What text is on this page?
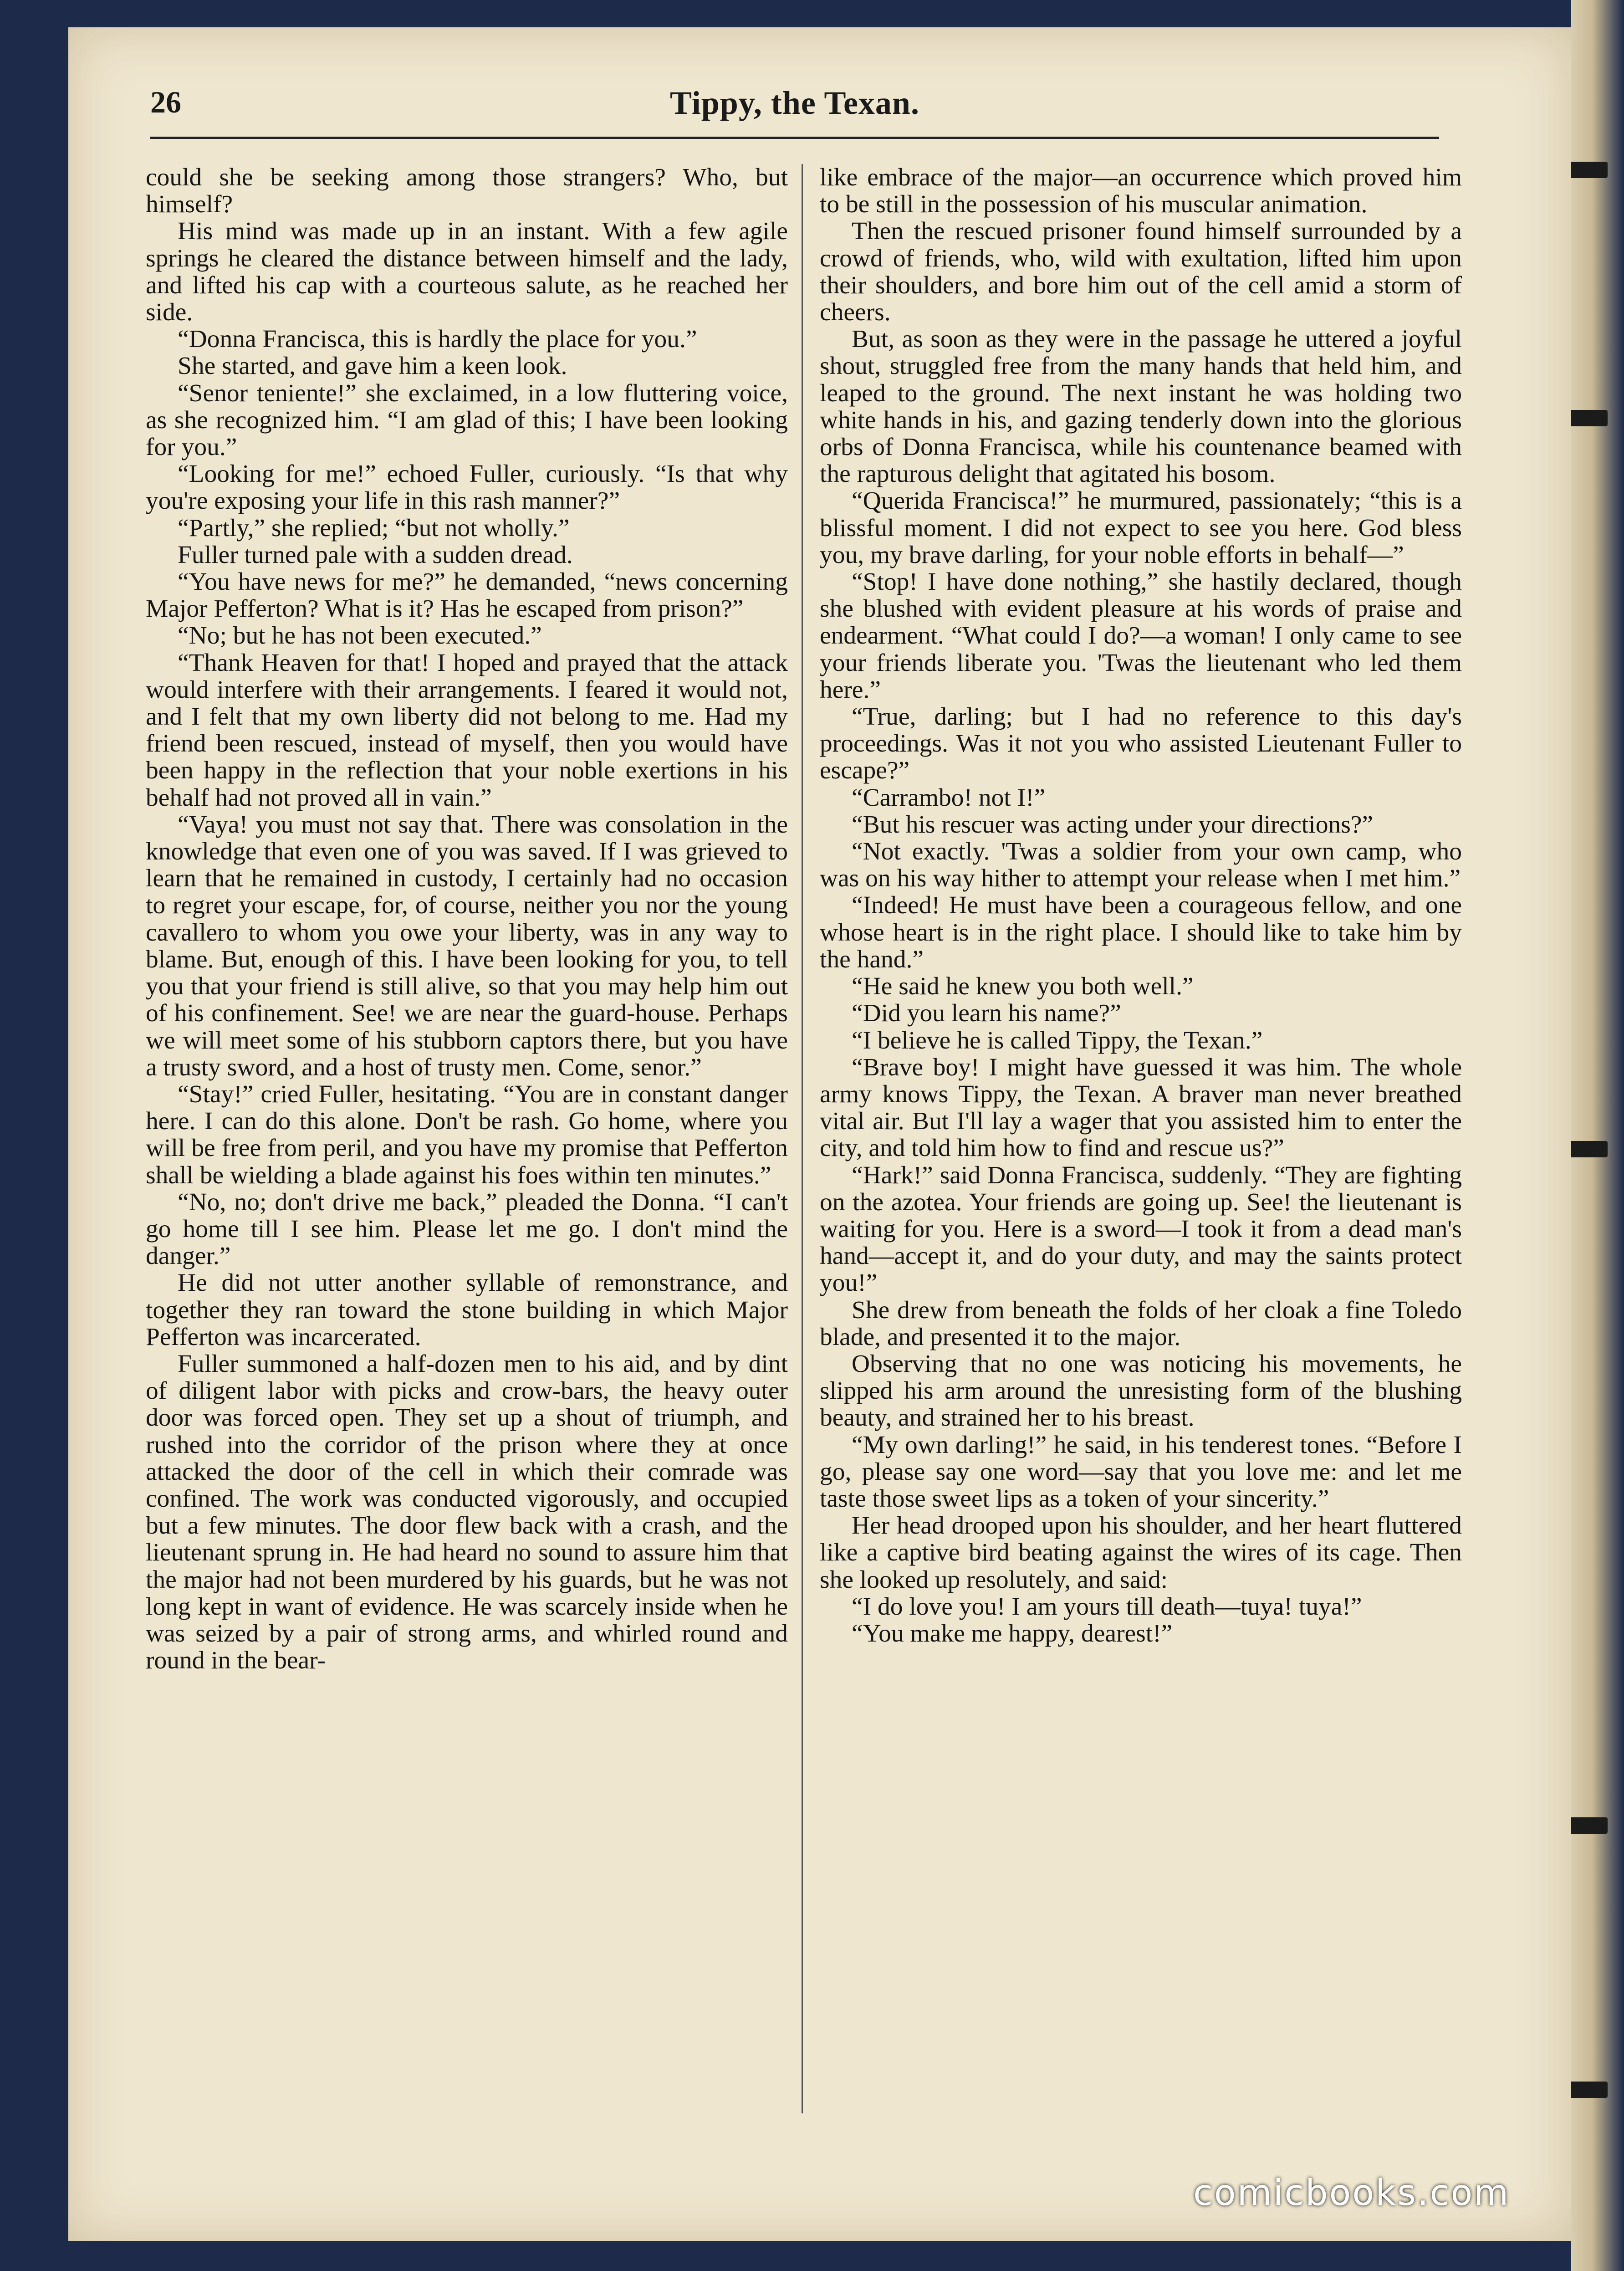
26	Tippy, the Texan.

could she be seeking among those strangers? Who, but himself?

His mind was made up in an instant. With a few agile springs he cleared the distance between himself and the lady, and lifted his cap with a courteous salute, as he reached her side.

“Donna Francisca, this is hardly the place for you.”

She started, and gave him a keen look.

“Senor teniente!” she exclaimed, in a low fluttering voice, as she recognized him. “I am glad of this; I have been looking for you.”

“Looking for me!” echoed Fuller, curiously. “Is that why you're exposing your life in this rash manner?”

“Partly,” she replied; “but not wholly.”

Fuller turned pale with a sudden dread.

“You have news for me?” he demanded, “news concerning Major Pefferton? What is it? Has he escaped from prison?”

“No; but he has not been executed.”

“Thank Heaven for that! I hoped and prayed that the attack would interfere with their arrangements. I feared it would not, and I felt that my own liberty did not belong to me. Had my friend been rescued, instead of myself, then you would have been happy in the reflection that your noble exertions in his behalf had not proved all in vain.”

“Vaya! you must not say that. There was consolation in the knowledge that even one of you was saved. If I was grieved to learn that he remained in custody, I certainly had no occasion to regret your escape, for, of course, neither you nor the young cavallero to whom you owe your liberty, was in any way to blame. But, enough of this. I have been looking for you, to tell you that your friend is still alive, so that you may help him out of his confinement. See! we are near the guard-house. Perhaps we will meet some of his stubborn captors there, but you have a trusty sword, and a host of trusty men. Come, senor.”

“Stay!” cried Fuller, hesitating. “You are in constant danger here. I can do this alone. Don't be rash. Go home, where you will be free from peril, and you have my promise that Pefferton shall be wielding a blade against his foes within ten minutes.”

“No, no; don't drive me back,” pleaded the Donna. “I can't go home till I see him. Please let me go. I don't mind the danger.”

He did not utter another syllable of remonstrance, and together they ran toward the stone building in which Major Pefferton was incarcerated.

Fuller summoned a half-dozen men to his aid, and by dint of diligent labor with picks and crow-bars, the heavy outer door was forced open. They set up a shout of triumph, and rushed into the corridor of the prison where they at once attacked the door of the cell in which their comrade was confined. The work was conducted vigorously, and occupied but a few minutes. The door flew back with a crash, and the lieutenant sprung in. He had heard no sound to assure him that the major had not been murdered by his guards, but he was not long kept in want of evidence. He was scarcely inside when he was seized by a pair of strong arms, and whirled round and round in the bear-

like embrace of the major—an occurrence which proved him to be still in the possession of his muscular animation.

Then the rescued prisoner found himself surrounded by a crowd of friends, who, wild with exultation, lifted him upon their shoulders, and bore him out of the cell amid a storm of cheers.

But, as soon as they were in the passage he uttered a joyful shout, struggled free from the many hands that held him, and leaped to the ground. The next instant he was holding two white hands in his, and gazing tenderly down into the glorious orbs of Donna Francisca, while his countenance beamed with the rapturous delight that agitated his bosom.

“Querida Francisca!” he murmured, passionately; “this is a blissful moment. I did not expect to see you here. God bless you, my brave darling, for your noble efforts in behalf—”

“Stop! I have done nothing,” she hastily declared, though she blushed with evident pleasure at his words of praise and endearment. “What could I do?—a woman! I only came to see your friends liberate you. 'Twas the lieutenant who led them here.”

“True, darling; but I had no reference to this day's proceedings. Was it not you who assisted Lieutenant Fuller to escape?”

“Carrambo! not I!”

“But his rescuer was acting under your directions?”

“Not exactly. 'Twas a soldier from your own camp, who was on his way hither to attempt your release when I met him.”

“Indeed! He must have been a courageous fellow, and one whose heart is in the right place. I should like to take him by the hand.”

“He said he knew you both well.”

“Did you learn his name?”

“I believe he is called Tippy, the Texan.”

“Brave boy! I might have guessed it was him. The whole army knows Tippy, the Texan. A braver man never breathed vital air. But I'll lay a wager that you assisted him to enter the city, and told him how to find and rescue us?”

“Hark!” said Donna Francisca, suddenly. “They are fighting on the azotea. Your friends are going up. See! the lieutenant is waiting for you. Here is a sword—I took it from a dead man's hand—accept it, and do your duty, and may the saints protect you!”

She drew from beneath the folds of her cloak a fine Toledo blade, and presented it to the major.

Observing that no one was noticing his movements, he slipped his arm around the unresisting form of the blushing beauty, and strained her to his breast.

“My own darling!” he said, in his tenderest tones. “Before I go, please say one word—say that you love me: and let me taste those sweet lips as a token of your sincerity.”

Her head drooped upon his shoulder, and her heart fluttered like a captive bird beating against the wires of its cage. Then she looked up resolutely, and said:

“I do love you! I am yours till death—tuya! tuya!”

“You make me happy, dearest!”

comicbooks.com
